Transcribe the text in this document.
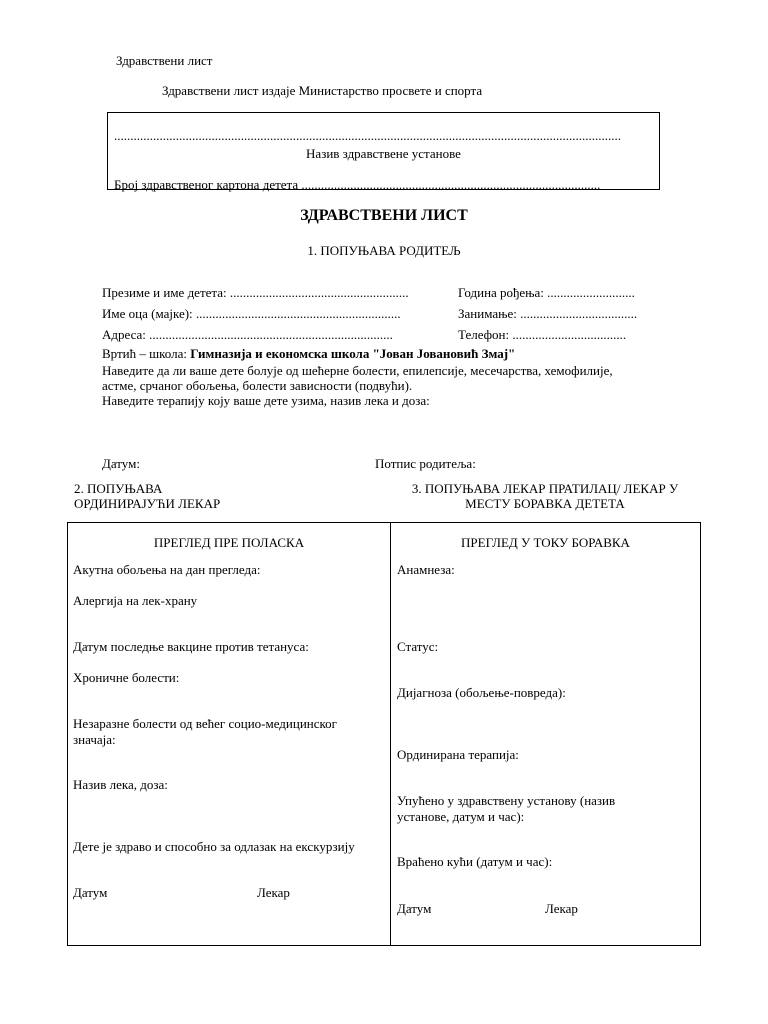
Здравствени лист
Здравствени лист издаје Министарство просвете и спорта
............................................................................................................................................................
Назив здравствене установе
Број здравственог картона детета ............................................................................................
ЗДРАВСТВЕНИ ЛИСТ
1. ПОПУЊАВА РОДИТЕЉ
Презиме и име детета: .......................................................	Година рођења: ...........................
Име оца (мајке): ...............................................................	Занимање: ....................................
Адреса: ...........................................................................	Телефон: ...................................
Вртић – школа: Гимназија и економска школа "Јован Јовановић Змај"
Наведите да ли ваше дете болује од шећерне болести, епилепсије, месечарства, хемофилије,
астме, срчаног обољења, болести зависности (подвући).
Наведите терапију коју ваше дете узима, назив лека и доза:
Датум:	Потпис родитеља:
2. ПОПУЊАВА
ОРДИНИРАЈУЋИ ЛЕКАР
3. ПОПУЊАВА ЛЕКАР ПРАТИЛАЦ/ ЛЕКАР У
МЕСТУ БОРАВКА ДЕТЕТА
ПРЕГЛЕД ПРЕ ПОЛАСКА
Акутна обољења на дан прегледа:
Алергија на лек-храну
Датум последње вакцине против тетануса:
Хроничне болести:
Незаразне болести од већег социо-медицинског
значаја:
Назив лека, доза:
Дете је здраво и способно за одлазак на екскурзију
Датум	Лекар
ПРЕГЛЕД У ТОКУ БОРАВКА
Анамнеза:
Статус:
Дијагноза (обољење-повреда):
Ординирана терапија:
Упућено у здравствену установу (назив
установе, датум и час):
Враћено кући (датум и час):
Датум	Лекар
